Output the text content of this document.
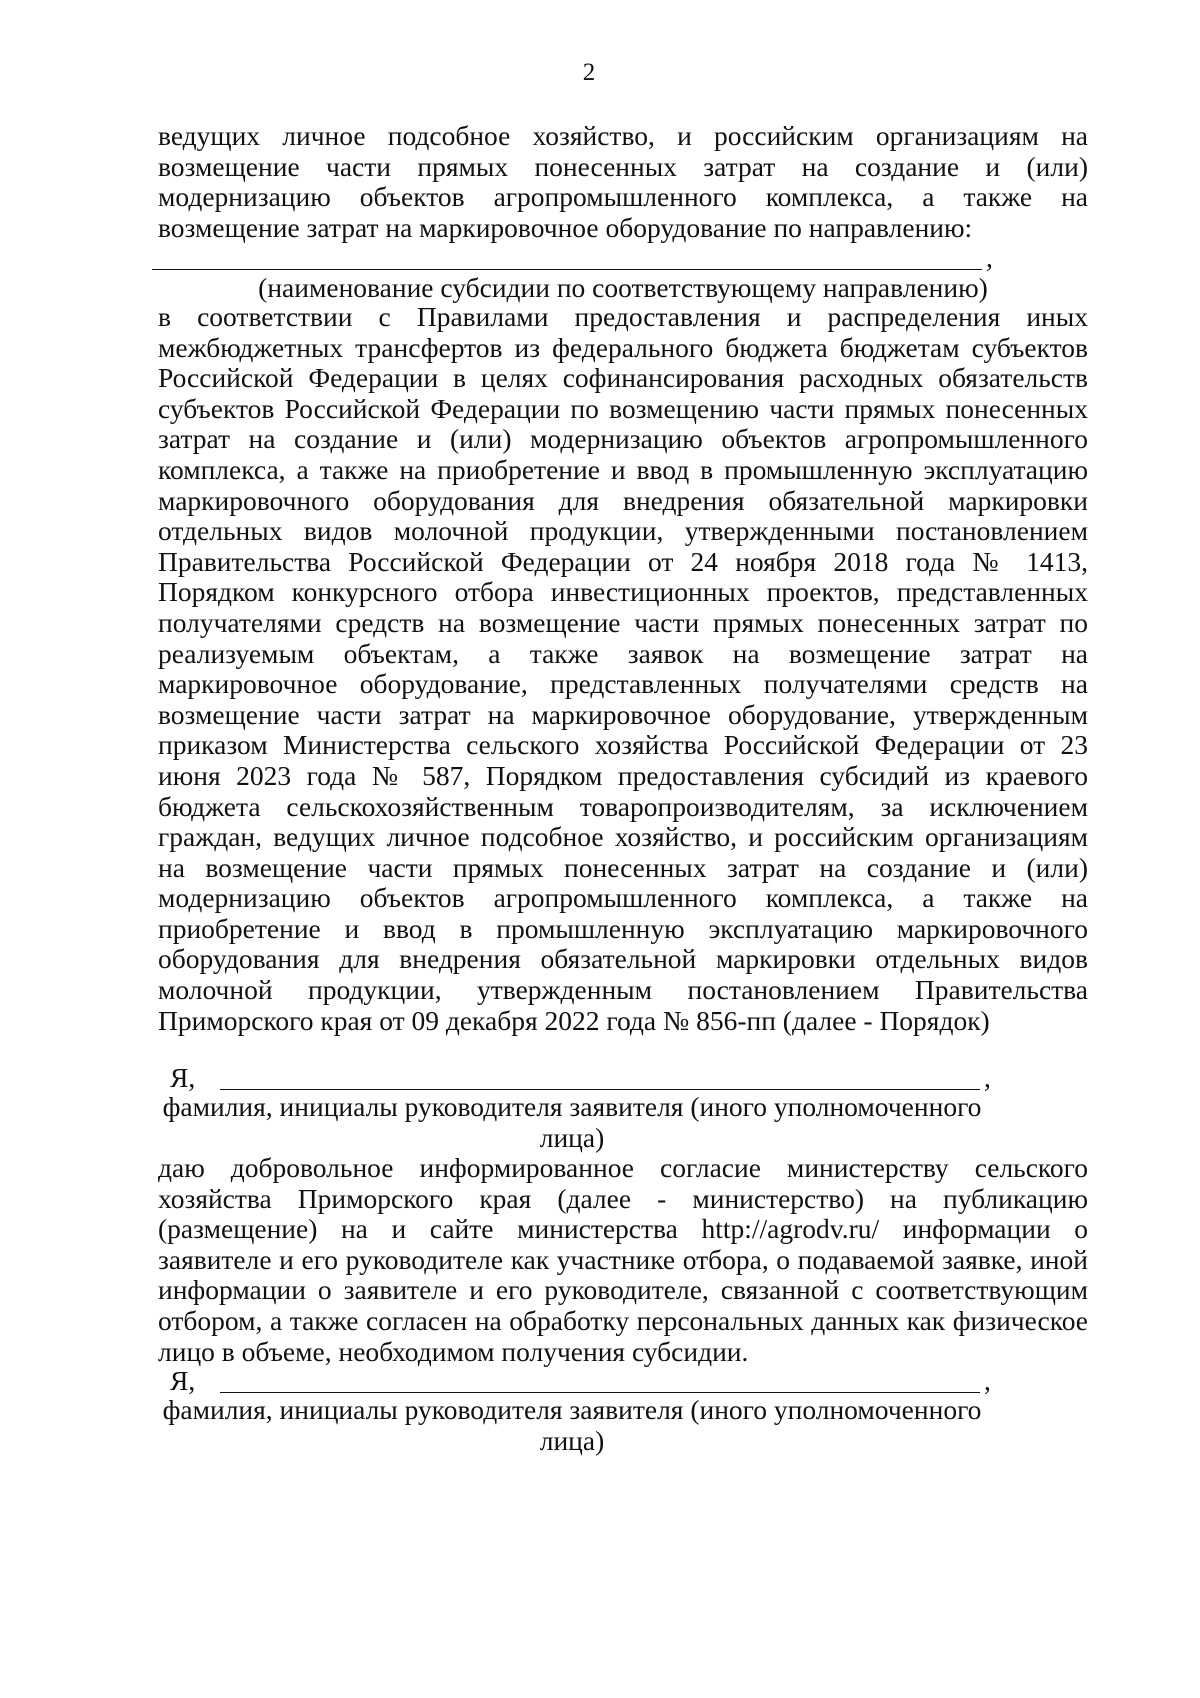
2
ведущих личное подсобное хозяйство, и российским организациям на возмещение части прямых понесенных затрат на создание и (или) модернизацию объектов агропромышленного комплекса, а также на возмещение затрат на маркировочное оборудование по направлению:
,
(наименование субсидии по соответствующему направлению)
в соответствии с Правилами предоставления и распределения иных межбюджетных трансфертов из федерального бюджета бюджетам субъектов Российской Федерации в целях софинансирования расходных обязательств субъектов Российской Федерации по возмещению части прямых понесенных затрат на создание и (или) модернизацию объектов агропромышленного комплекса, а также на приобретение и ввод в промышленную эксплуатацию маркировочного оборудования для внедрения обязательной маркировки отдельных видов молочной продукции, утвержденными постановлением Правительства Российской Федерации от 24 ноября 2018 года № 1413, Порядком конкурсного отбора инвестиционных проектов, представленных получателями средств на возмещение части прямых понесенных затрат по реализуемым объектам, а также заявок на возмещение затрат на маркировочное оборудование, представленных получателями средств на возмещение части затрат на маркировочное оборудование, утвержденным приказом Министерства сельского хозяйства Российской Федерации от 23 июня 2023 года № 587, Порядком предоставления субсидий из краевого бюджета сельскохозяйственным товаропроизводителям, за исключением граждан, ведущих личное подсобное хозяйство, и российским организациям на возмещение части прямых понесенных затрат на создание и (или) модернизацию объектов агропромышленного комплекса, а также на приобретение и ввод в промышленную эксплуатацию маркировочного оборудования для внедрения обязательной маркировки отдельных видов молочной продукции, утвержденным постановлением Правительства Приморского края от 09 декабря 2022 года № 856-пп (далее - Порядок)
Я,	,
фамилия, инициалы руководителя заявителя (иного уполномоченного лица)
даю добровольное информированное согласие министерству сельского хозяйства Приморского края (далее - министерство) на публикацию (размещение) на и сайте министерства http://agrodv.ru/ информации о заявителе и его руководителе как участнике отбора, о подаваемой заявке, иной информации о заявителе и его руководителе, связанной с соответствующим отбором, а также согласен на обработку персональных данных как физическое лицо в объеме, необходимом получения субсидии.
Я,	,
фамилия, инициалы руководителя заявителя (иного уполномоченного лица)
